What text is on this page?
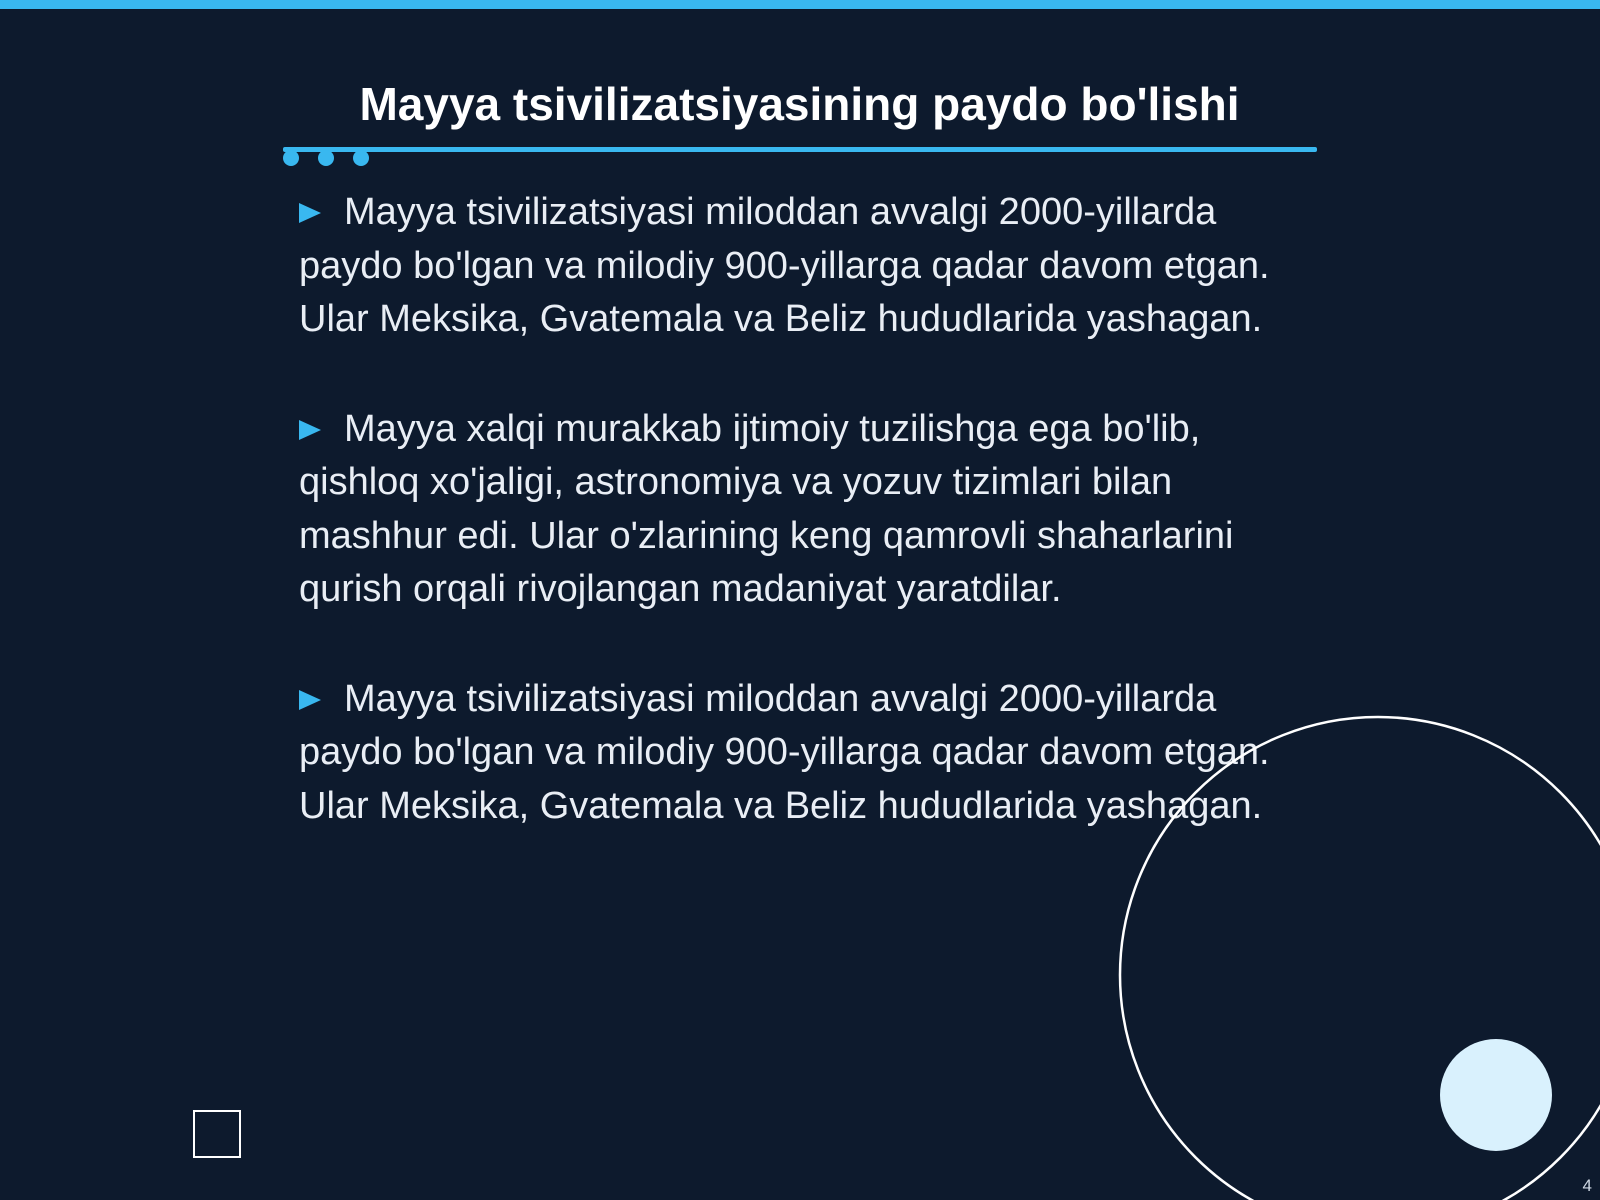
Mayya tsivilizatsiyasining paydo bo'lishi

Mayya tsivilizatsiyasi miloddan avvalgi 2000-yillarda paydo bo'lgan va milodiy 900-yillarga qadar davom etgan. Ular Meksika, Gvatemala va Beliz hududlarida yashagan.

Mayya xalqi murakkab ijtimoiy tuzilishga ega bo'lib, qishloq xo'jaligi, astronomiya va yozuv tizimlari bilan mashhur edi. Ular o'zlarining keng qamrovli shaharlarini qurish orqali rivojlangan madaniyat yaratdilar.

Mayya tsivilizatsiyasi miloddan avvalgi 2000-yillarda paydo bo'lgan va milodiy 900-yillarga qadar davom etgan. Ular Meksika, Gvatemala va Beliz hududlarida yashagan.

4
